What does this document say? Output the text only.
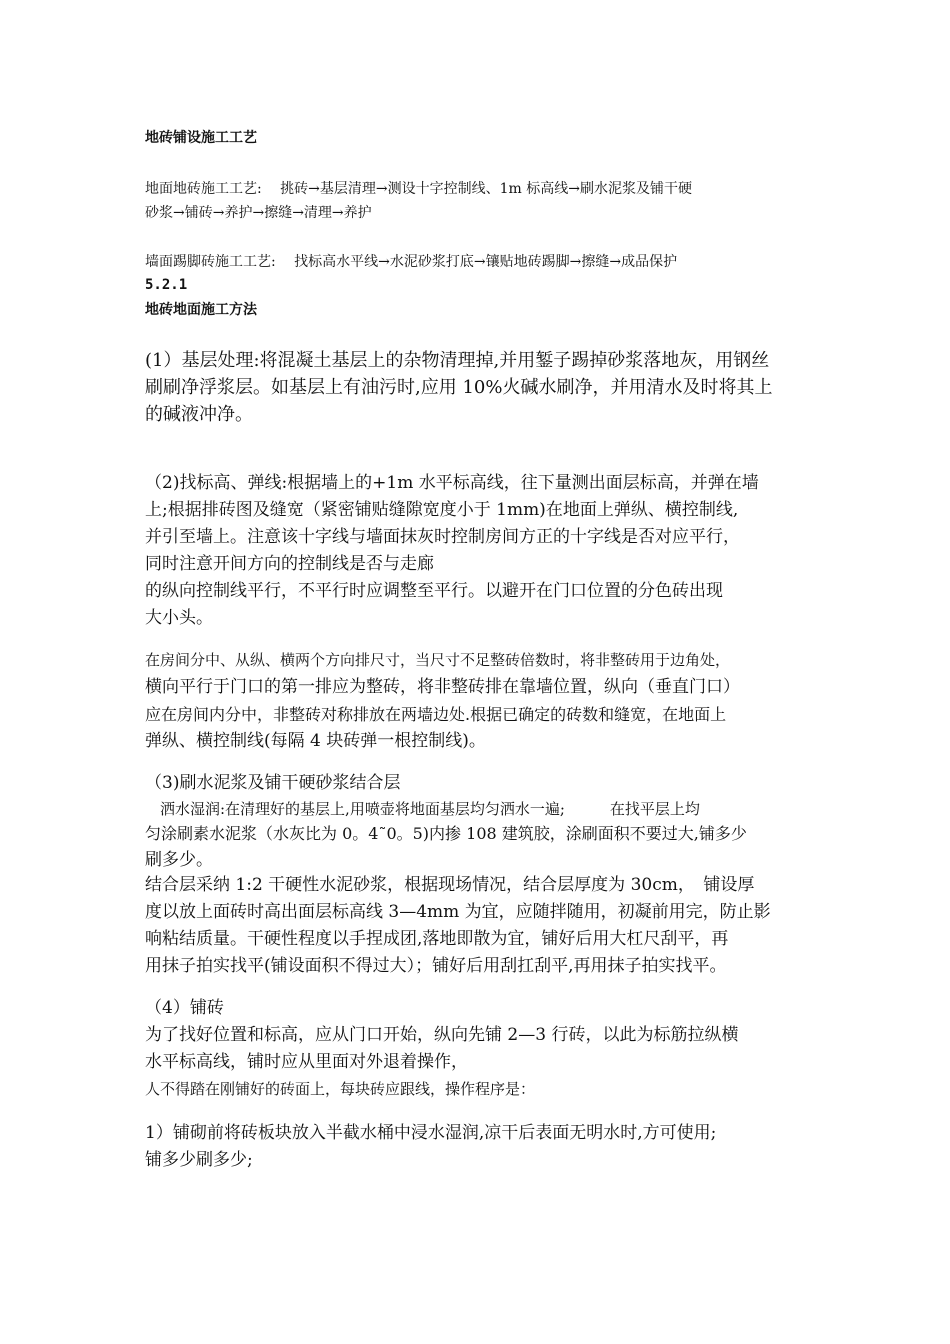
地砖铺设施工工艺

地面地砖施工工艺:　 挑砖→基层清理→测设十字控制线、1m 标高线→刷水泥浆及铺干硬

砂浆→铺砖→养护→擦缝→清理→养护

墙面踢脚砖施工工艺:　 找标高水平线→水泥砂浆打底→镶贴地砖踢脚→擦缝→成品保护
5.2.1
地砖地面施工方法

(1）基层处理:将混凝土基层上的杂物清理掉,并用錾子踢掉砂浆落地灰，用钢丝

刷刷净浮浆层。如基层上有油污时,应用 10%火碱水刷净，并用清水及时将其上

的碱液冲净。

（2)找标高、弹线:根据墙上的+1m 水平标高线，往下量测出面层标高，并弹在墙

上;根据排砖图及缝宽（紧密铺贴缝隙宽度小于 1mm)在地面上弹纵、横控制线,

并引至墙上。注意该十字线与墙面抹灰时控制房间方正的十字线是否对应平行，

同时注意开间方向的控制线是否与走廊

的纵向控制线平行，不平行时应调整至平行。以避开在门口位置的分色砖出现

大小头。

在房间分中、从纵、横两个方向排尺寸，当尺寸不足整砖倍数时，将非整砖用于边角处，

横向平行于门口的第一排应为整砖，将非整砖排在靠墙位置，纵向（垂直门口）

应在房间内分中，非整砖对称排放在两墙边处.根据已确定的砖数和缝宽，在地面上

弹纵、横控制线(每隔 4 块砖弹一根控制线)。

（3)刷水泥浆及铺干硬砂浆结合层

　洒水湿润:在清理好的基层上,用喷壶将地面基层均匀洒水一遍;　　　在找平层上均

匀涂刷素水泥浆（水灰比为 0。4˜0。5)内掺 108 建筑胶，涂刷面积不要过大,铺多少

刷多少。

结合层采纳 1:2 干硬性水泥砂浆，根据现场情况，结合层厚度为 30cm，　铺设厚

度以放上面砖时高出面层标高线 3—4mm 为宜，应随拌随用，初凝前用完，防止影

响粘结质量。干硬性程度以手捏成团,落地即散为宜，铺好后用大杠尺刮平，再

用抹子拍实找平(铺设面积不得过大）；铺好后用刮扛刮平,再用抹子拍实找平。

（4）铺砖

为了找好位置和标高，应从门口开始，纵向先铺 2—3 行砖，以此为标筋拉纵横

水平标高线，铺时应从里面对外退着操作，

人不得踏在刚铺好的砖面上，每块砖应跟线，操作程序是：

1）铺砌前将砖板块放入半截水桶中浸水湿润,凉干后表面无明水时,方可使用;

铺多少刷多少;
